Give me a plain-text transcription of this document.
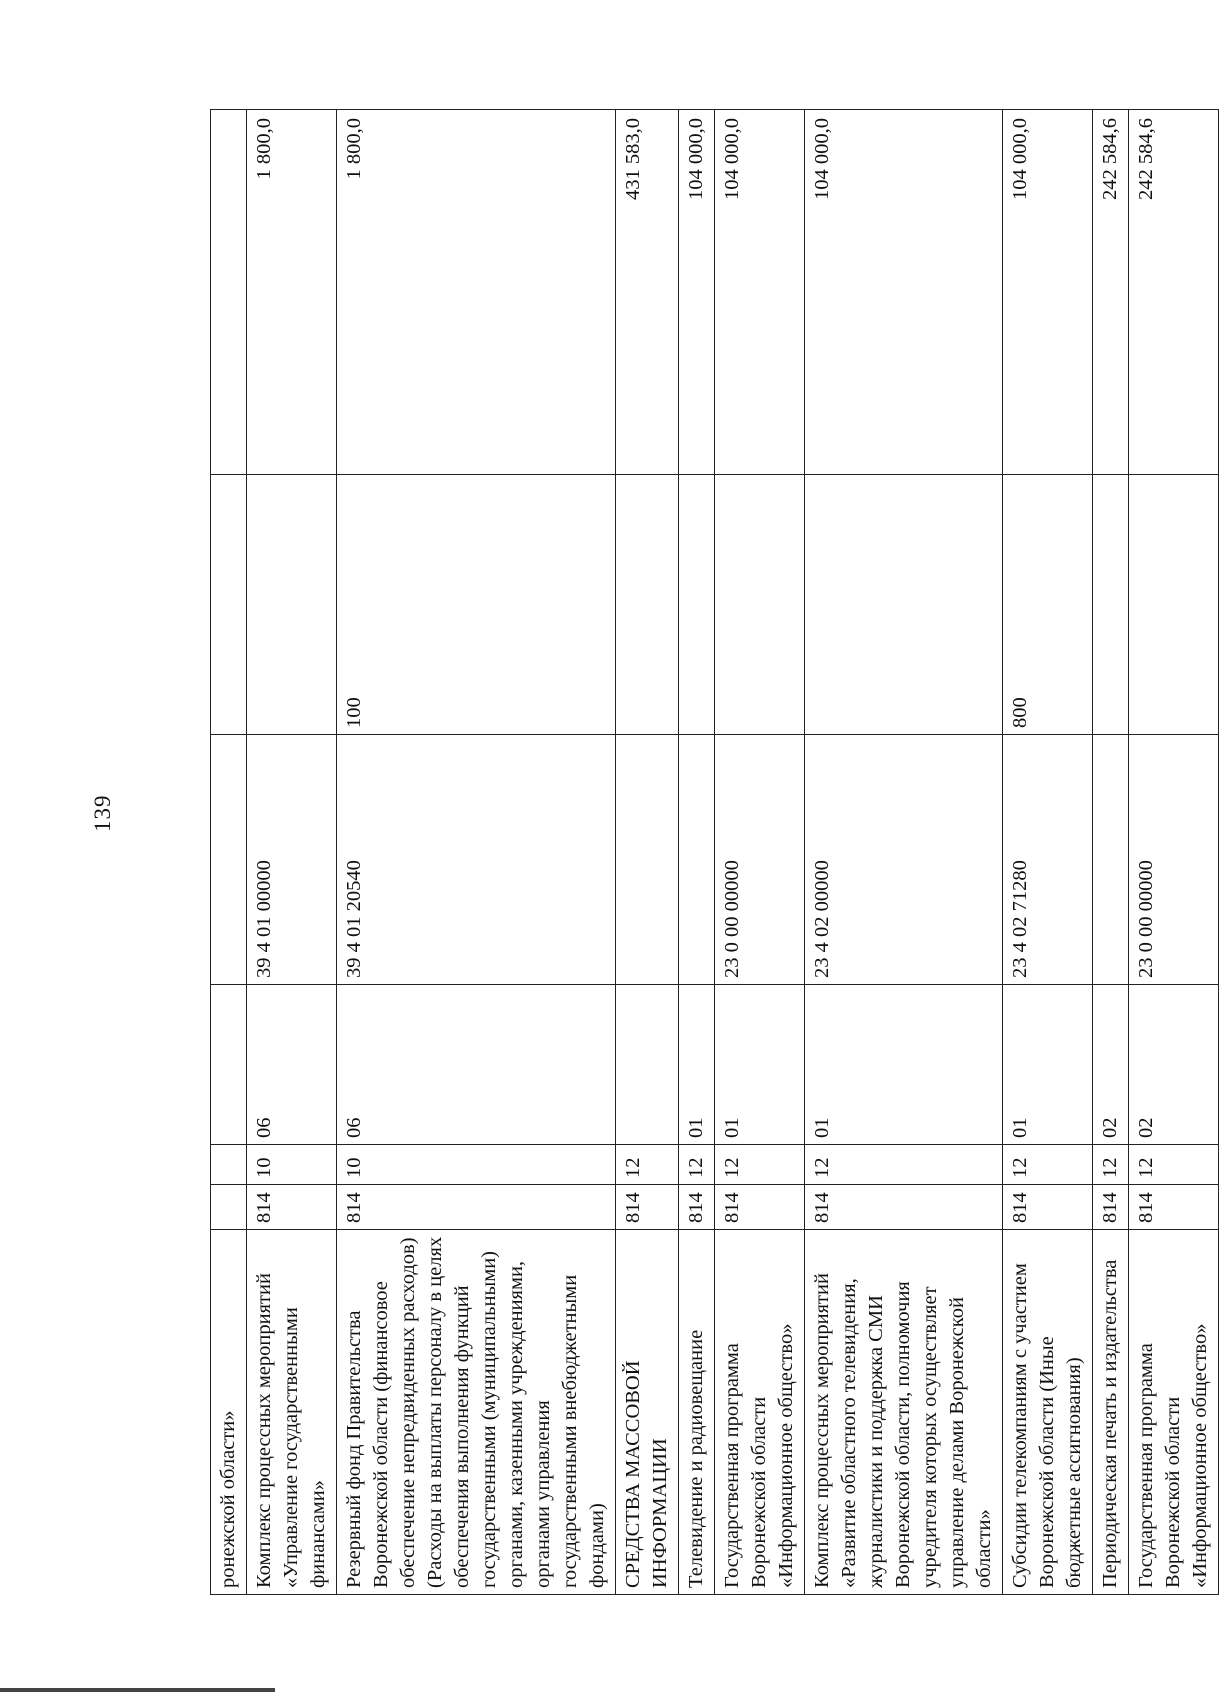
139
ронежской области»						
Комплекс процессных мероприятий «Управление государственными финансами»	814	10	06	39 4 01 00000		1 800,0
Резервный фонд Правительства Воронежской области (финансовое обеспечение непредвиденных расходов) (Расходы на выплаты персоналу в целях обеспечения выполнения функций государственными (муниципальными) органами, казенными учреждениями, органами управления государственными внебюджетными фондами)	814	10	06	39 4 01 20540	100	1 800,0
СРЕДСТВА МАССОВОЙ ИНФОРМАЦИИ	814	12				431 583,0
Телевидение и радиовещание	814	12	01			104 000,0
Государственная программа Воронежской области «Информационное общество»	814	12	01	23 0 00 00000		104 000,0
Комплекс процессных мероприятий «Развитие областного телевидения, журналистики и поддержка СМИ Воронежской области, полномочия учредителя которых осуществляет управление делами Воронежской области»	814	12	01	23 4 02 00000		104 000,0
Субсидии телекомпаниям с участием Воронежской области (Иные бюджетные ассигнования)	814	12	01	23 4 02 71280	800	104 000,0
Периодическая печать и издательства	814	12	02			242 584,6
Государственная программа Воронежской области «Информационное общество»	814	12	02	23 0 00 00000		242 584,6
